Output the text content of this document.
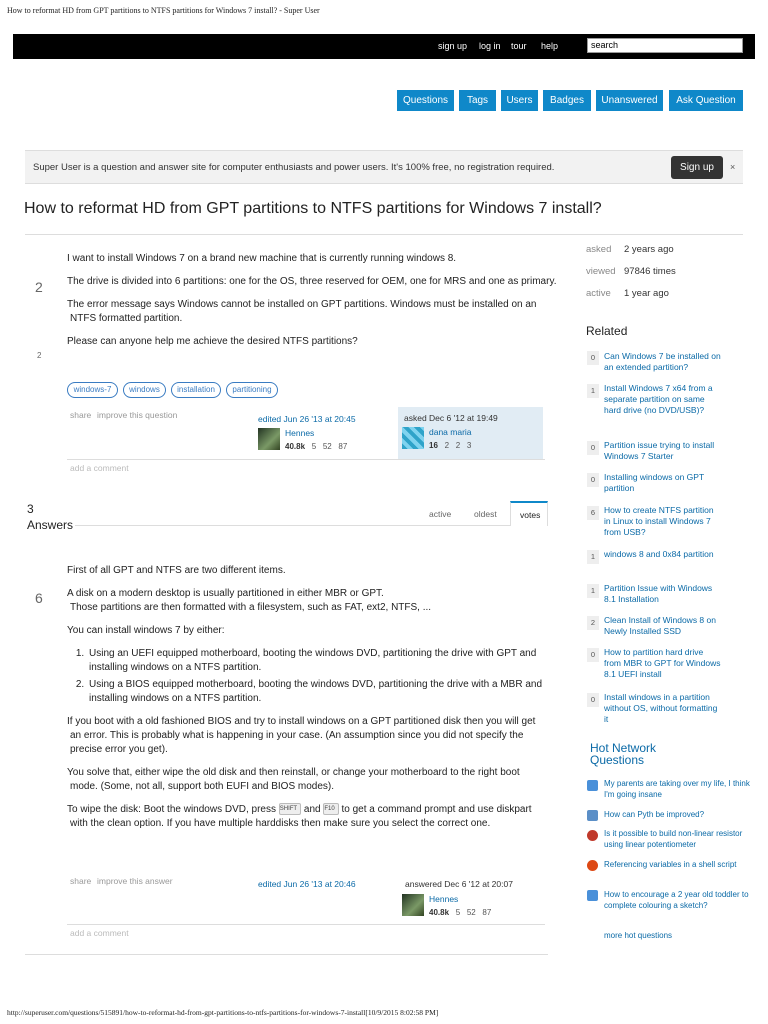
How to reformat HD from GPT partitions to NTFS partitions for Windows 7 install? - Super User
sign up log in tour help	search
Questions	Tags	Users	Badges	Unanswered	Ask Question
Super User is a question and answer site for computer enthusiasts and power users. It's 100% free, no registration required.	Sign up	×
How to reformat HD from GPT partitions to NTFS partitions for Windows 7 install?
2
2

I want to install Windows 7 on a brand new machine that is currently running windows 8.

The drive is divided into 6 partitions: one for the OS, three reserved for OEM, one for MRS and one as primary.

The error message says Windows cannot be installed on GPT partitions. Windows must be installed on an NTFS formatted partition.

Please can anyone help me achieve the desired NTFS partitions?

windows-7	windows	installation	partitioning
share improve this question	edited Jun 26 '13 at 20:45
Hennes
40.8k 5 52 87
asked Dec 6 '12 at 19:49
dana maria
16 2 2 3
add a comment
3
Answers
active	oldest	votes
6

First of all GPT and NTFS are two different items.

A disk on a modern desktop is usually partitioned in either MBR or GPT.

Those partitions are then formatted with a filesystem, such as FAT, ext2, NTFS, ...

You can install windows 7 by either:

1. Using an UEFI equipped motherboard, booting the windows DVD, partitioning the drive with GPT and installing windows on a NTFS partition.
2. Using a BIOS equipped motherboard, booting the windows DVD, partitioning the drive with a MBR and installing windows on a NTFS partition.

If you boot with a old fashioned BIOS and try to install windows on a GPT partitioned disk then you will get an error. This is probably what is happening in your case. (An assumption since you did not specify the precise error you get).

You solve that, either wipe the old disk and then reinstall, or change your motherboard to the right boot mode. (Some, not all, support both EUFI and BIOS modes).

To wipe the disk: Boot the windows DVD, press SHIFT and F10 to get a command prompt and use diskpart with the clean option. If you have multiple harddisks then make sure you select the correct one.

share improve this answer	edited Jun 26 '13 at 20:46	answered Dec 6 '12 at 20:07
Hennes
40.8k 5 52 87
add a comment
asked 2 years ago
viewed 97846 times
active 1 year ago
Related
0	Can Windows 7 be installed on an extended partition?
1	Install Windows 7 x64 from a separate partition on same hard drive (no DVD/USB)?
0	Partition issue trying to install Windows 7 Starter
0	Installing windows on GPT partition
6	How to create NTFS partition in Linux to install Windows 7 from USB?
1	windows 8 and 0x84 partition
1	Partition Issue with Windows 8.1 Installation
2	Clean Install of Windows 8 on Newly Installed SSD
0	How to partition hard drive from MBR to GPT for Windows 8.1 UEFI install
0	Install windows in a partition without OS, without formatting it
Hot Network Questions
My parents are taking over my life, I think I'm going insane
How can Pyth be improved?
Is it possible to build non-linear resistor using linear potentiometer
Referencing variables in a shell script
How to encourage a 2 year old toddler to complete colouring a sketch?
more hot questions
http://superuser.com/questions/515891/how-to-reformat-hd-from-gpt-partitions-to-ntfs-partitions-for-windows-7-install[10/9/2015 8:02:58 PM]
